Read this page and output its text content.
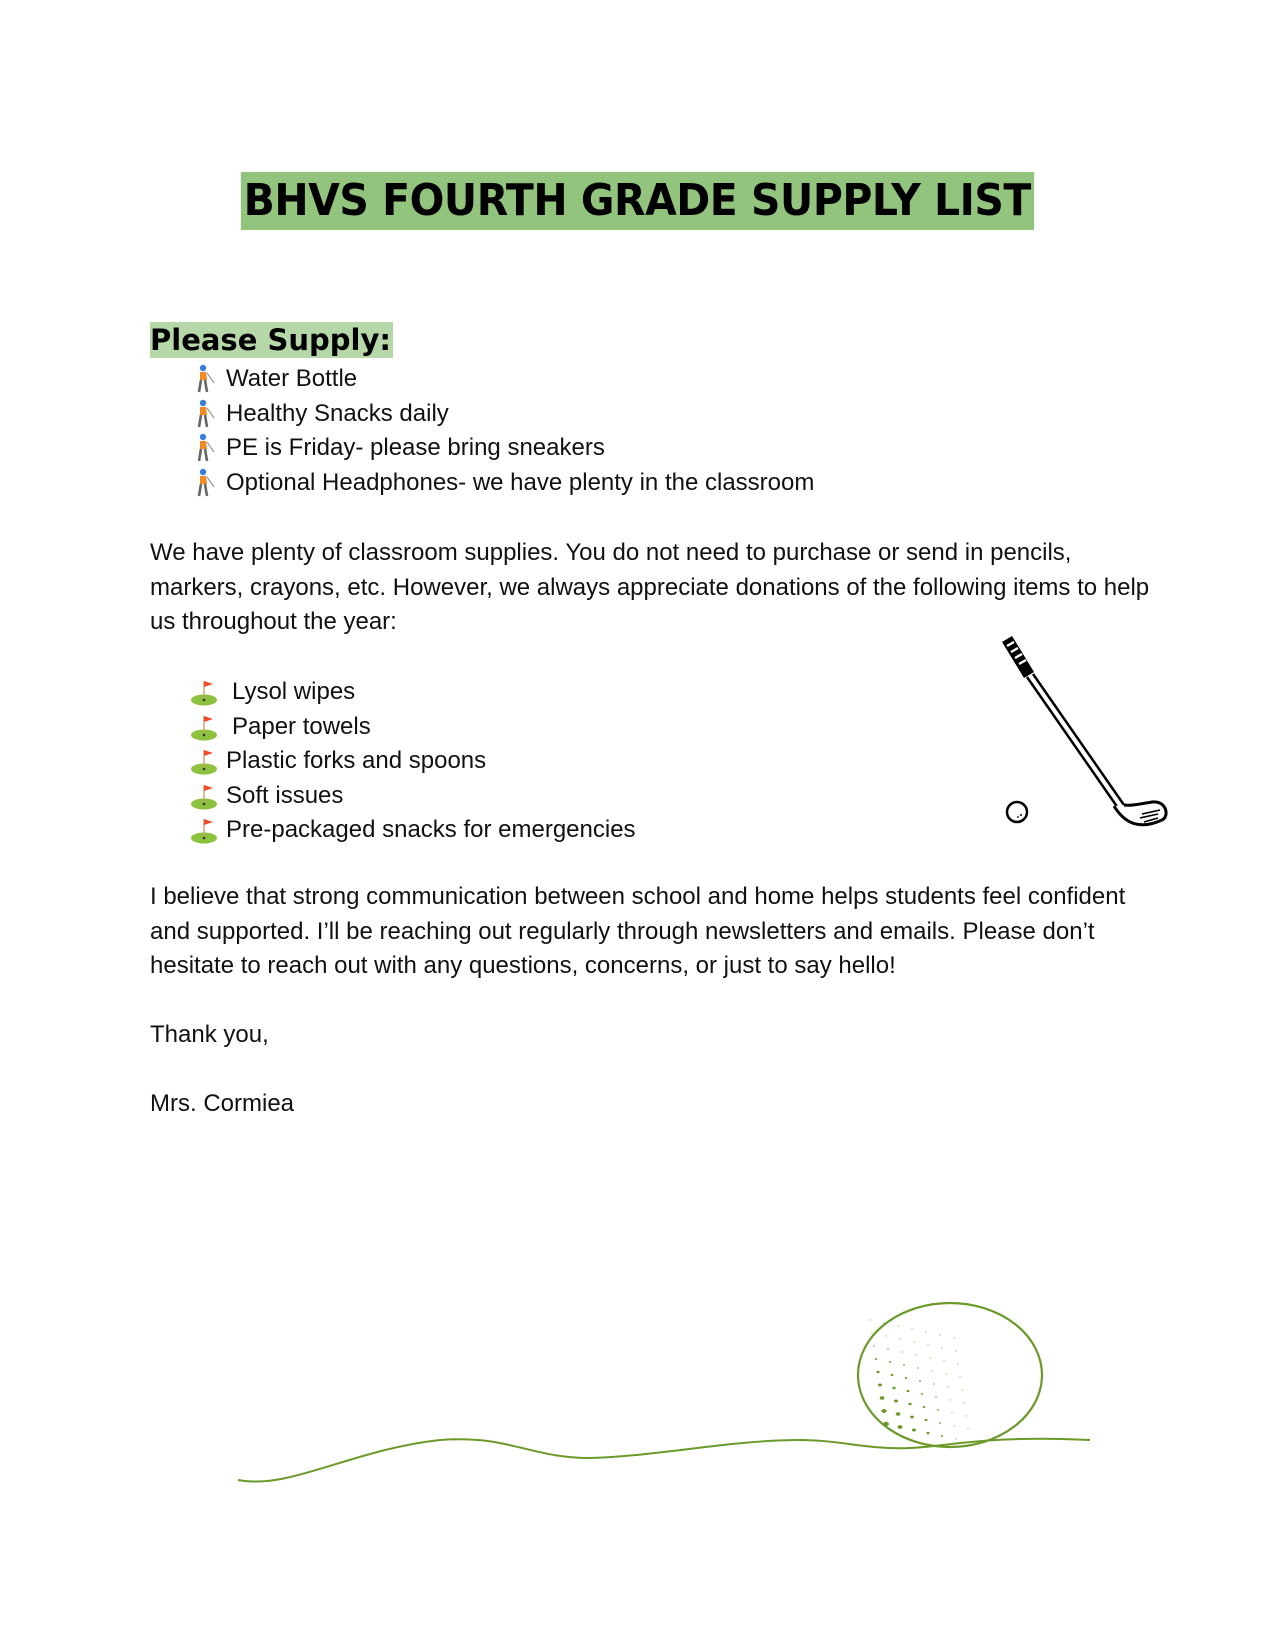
BHVS FOURTH GRADE SUPPLY LIST
Please Supply:
Water Bottle
Healthy Snacks daily
PE is Friday- please bring sneakers
Optional Headphones- we have plenty in the classroom

We have plenty of classroom supplies. You do not need to purchase or send in pencils, markers, crayons, etc. However, we always appreciate donations of the following items to help us throughout the year:

Lysol wipes
Paper towels
Plastic forks and spoons
Soft issues
Pre-packaged snacks for emergencies

I believe that strong communication between school and home helps students feel confident and supported. I’ll be reaching out regularly through newsletters and emails. Please don’t hesitate to reach out with any questions, concerns, or just to say hello!

Thank you,

Mrs. Cormiea
